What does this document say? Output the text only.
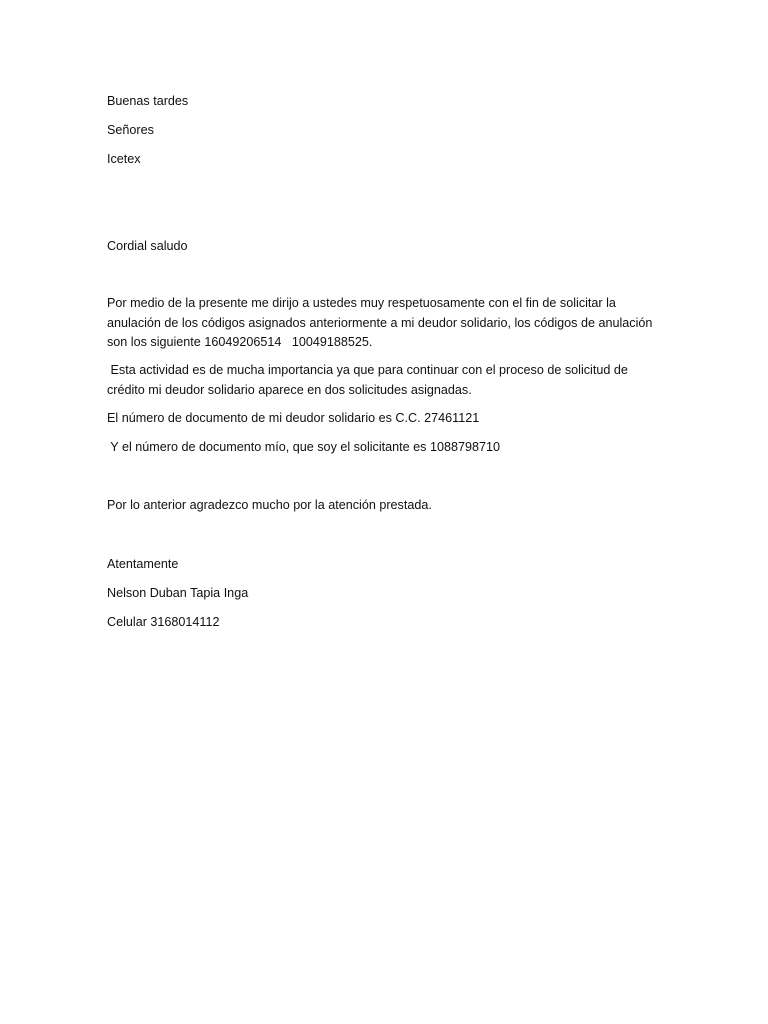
Buenas tardes

Señores

Icetex

Cordial saludo

Por medio de la presente me dirijo a ustedes muy respetuosamente con el fin de solicitar la
anulación de los códigos asignados anteriormente a mi deudor solidario, los códigos de anulación
son los siguiente 16049206514   10049188525.
Esta actividad es de mucha importancia ya que para continuar con el proceso de solicitud de
crédito mi deudor solidario aparece en dos solicitudes asignadas.

El número de documento de mi deudor solidario es C.C. 27461121

Y el número de documento mío, que soy el solicitante es 1088798710

Por lo anterior agradezco mucho por la atención prestada.

Atentamente

Nelson Duban Tapia Inga

Celular 3168014112
